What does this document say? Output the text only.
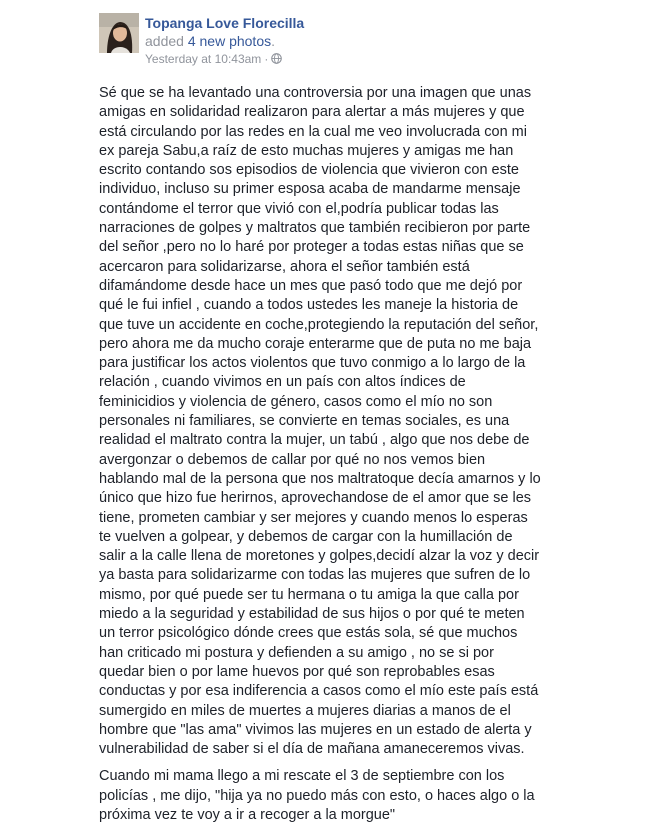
Topanga Love Florecilla
added 4 new photos.
Yesterday at 10:43am ·

Sé que se ha levantado una controversia por una imagen que unas amigas en solidaridad realizaron para alertar a más mujeres y que está circulando por las redes en la cual me veo involucrada con mi ex pareja Sabu,a raíz de esto muchas mujeres y amigas me han escrito contando sos episodios de violencia que vivieron con este individuo, incluso su primer esposa acaba de mandarme mensaje contándome el terror que vivió con el,podría publicar todas las narraciones de golpes y maltratos que también recibieron por parte del señor ,pero no lo haré por proteger a todas estas niñas que se acercaron para solidarizarse, ahora el señor también está difamándome desde hace un mes que pasó todo que me dejó por qué le fui infiel , cuando a todos ustedes les maneje la historia de que tuve un accidente en coche,protegiendo la reputación del señor, pero ahora me da mucho coraje enterarme que de puta no me baja para justificar los actos violentos que tuvo conmigo a lo largo de la relación , cuando vivimos en un país con altos índices de feminicidios y violencia de género, casos como el mío no son personales ni familiares, se convierte en temas sociales, es una realidad el maltrato contra la mujer, un tabú , algo que nos debe de avergonzar o debemos de callar por qué no nos vemos bien hablando mal de la persona que nos maltratoque decía amarnos y lo único que hizo fue herirnos, aprovechandose de el amor que se les tiene, prometen cambiar y ser mejores y cuando menos lo esperas te vuelven a golpear, y debemos de cargar con la humillación de salir a la calle llena de moretones y golpes,decidí alzar la voz y decir ya basta para solidarizarme con todas las mujeres que sufren de lo mismo, por qué puede ser tu hermana o tu amiga la que calla por miedo a la seguridad y estabilidad de sus hijos o por qué te meten un terror psicológico dónde crees que estás sola, sé que muchos han criticado mi postura y defienden a su amigo , no se si por quedar bien o por lame huevos por qué son reprobables esas conductas y por esa indiferencia a casos como el mío este país está sumergido en miles de muertes a mujeres diarias a manos de el hombre que "las ama" vivimos las mujeres en un estado de alerta y vulnerabilidad de saber si el día de mañana amaneceremos vivas.

Cuando mi mama llego a mi rescate el 3 de septiembre con los policías , me dijo, "hija ya no puedo más con esto, o haces algo o la próxima vez te voy a ir a recoger a la morgue"
